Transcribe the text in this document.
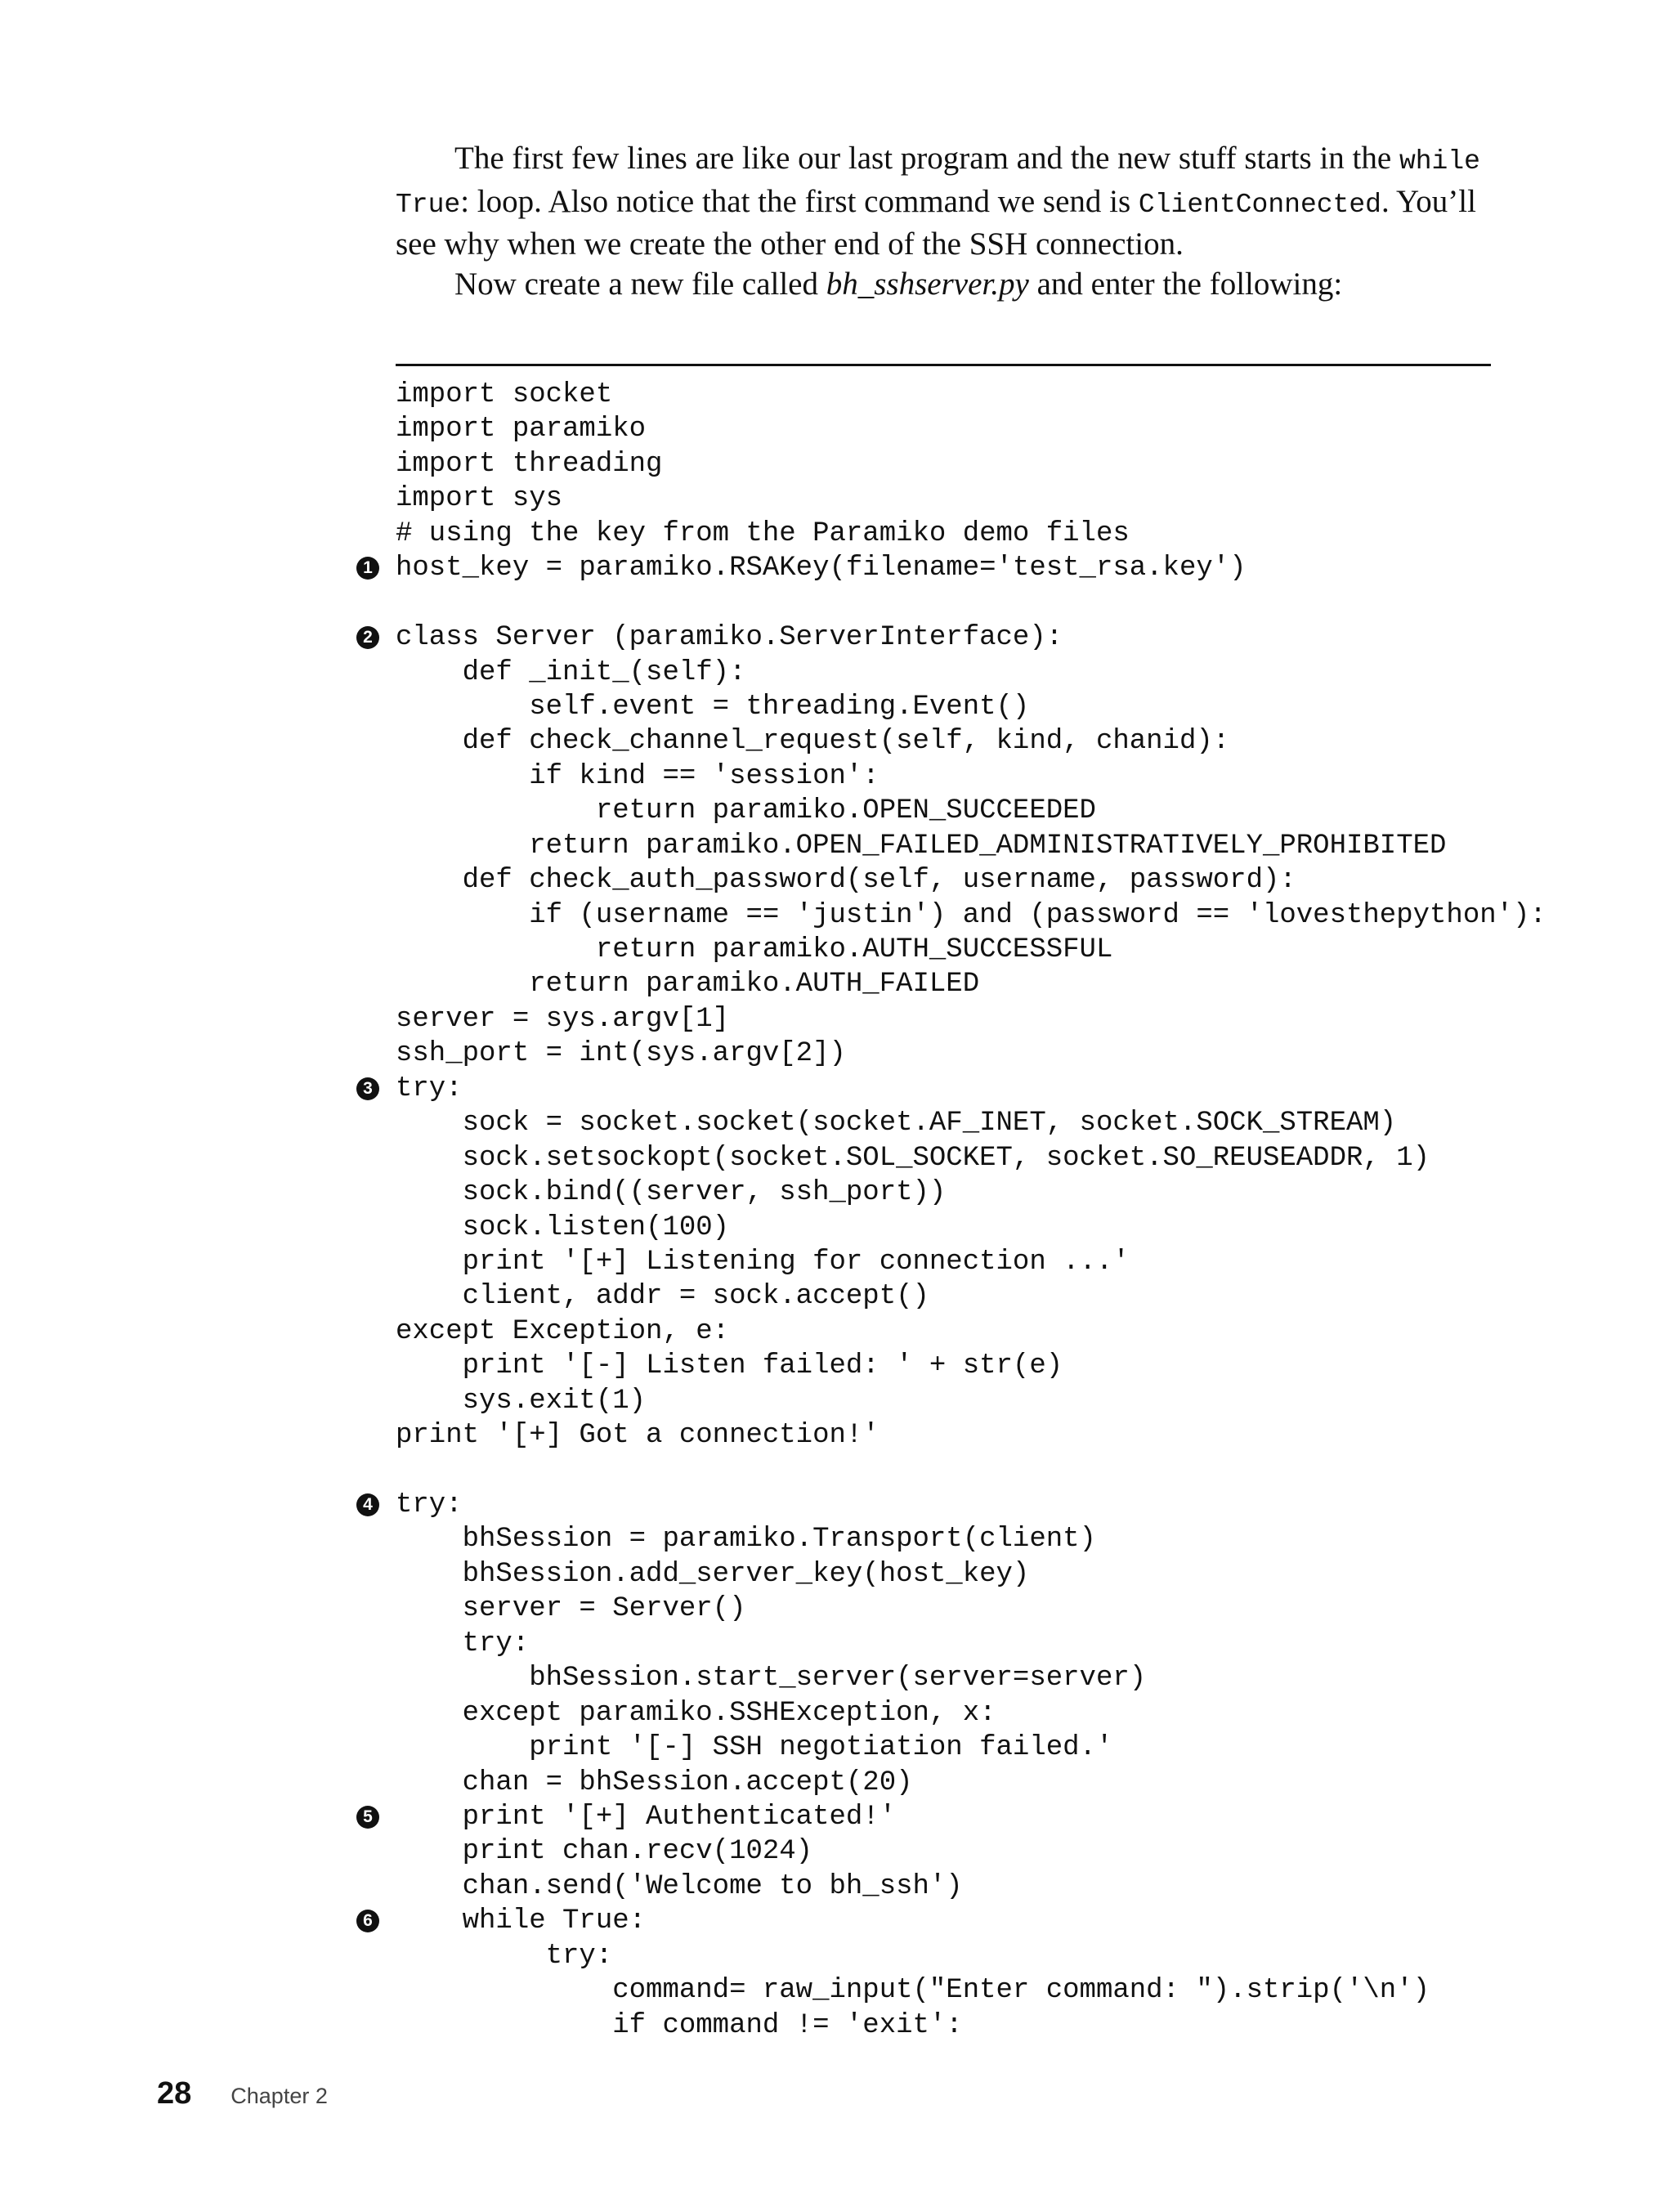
The first few lines are like our last program and the new stuff starts in the while True: loop. Also notice that the first command we send is ClientConnected. You’ll see why when we create the other end of the SSH connection.

Now create a new file called bh_sshserver.py and enter the following:

import socket
import paramiko
import threading
import sys
# using the key from the Paramiko demo files
1 host_key = paramiko.RSAKey(filename='test_rsa.key')
2 class Server (paramiko.ServerInterface):
def _init_(self):
self.event = threading.Event()
def check_channel_request(self, kind, chanid):
if kind == 'session':
return paramiko.OPEN_SUCCEEDED
return paramiko.OPEN_FAILED_ADMINISTRATIVELY_PROHIBITED
def check_auth_password(self, username, password):
if (username == 'justin') and (password == 'lovesthepython'):
return paramiko.AUTH_SUCCESSFUL
return paramiko.AUTH_FAILED
server = sys.argv[1]
ssh_port = int(sys.argv[2])
3 try:
sock = socket.socket(socket.AF_INET, socket.SOCK_STREAM)
sock.setsockopt(socket.SOL_SOCKET, socket.SO_REUSEADDR, 1)
sock.bind((server, ssh_port))
sock.listen(100)
print '[+] Listening for connection ...'
client, addr = sock.accept()
except Exception, e:
print '[-] Listen failed: ' + str(e)
sys.exit(1)
print '[+] Got a connection!'
4 try:
bhSession = paramiko.Transport(client)
bhSession.add_server_key(host_key)
server = Server()
try:
bhSession.start_server(server=server)
except paramiko.SSHException, x:
print '[-] SSH negotiation failed.'
chan = bhSession.accept(20)
5 print '[+] Authenticated!'
print chan.recv(1024)
chan.send('Welcome to bh_ssh')
6 while True:
try:
command= raw_input("Enter command: ").strip('\n')
if command != 'exit':
28 Chapter 2
